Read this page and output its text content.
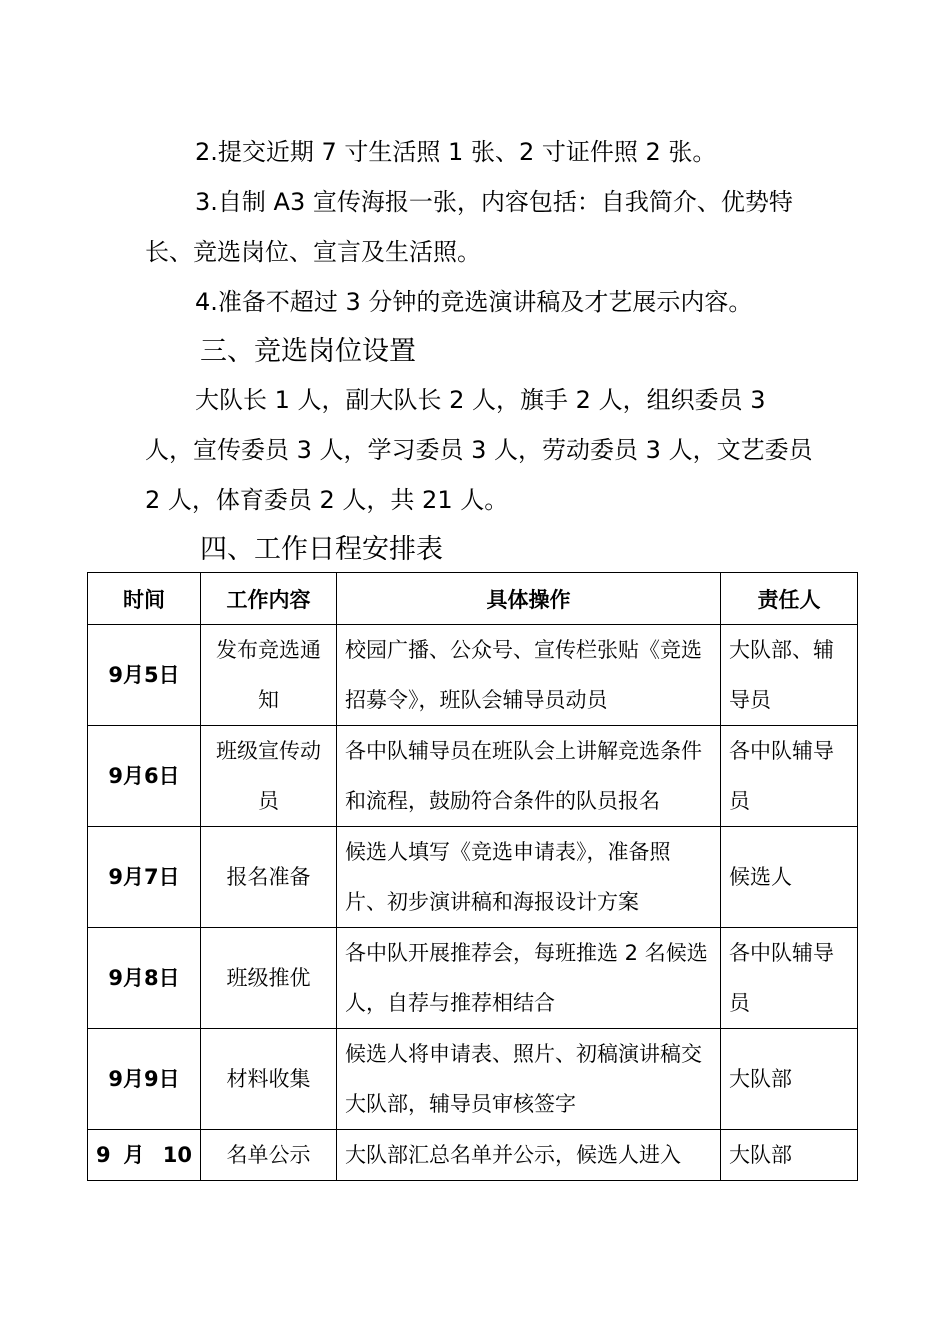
2.提交近期 7 寸生活照 1 张、2 寸证件照 2 张。

3.自制 A3 宣传海报一张，内容包括：自我简介、优势特长、竞选岗位、宣言及生活照。

4.准备不超过 3 分钟的竞选演讲稿及才艺展示内容。

三、竞选岗位设置

大队长 1 人，副大队长 2 人，旗手 2 人，组织委员 3 人，宣传委员 3 人，学习委员 3 人，劳动委员 3 人，文艺委员 2 人，体育委员 2 人，共 21 人。

四、工作日程安排表
时间	工作内容	具体操作	责任人
9月5日	发布竞选通知	校园广播、公众号、宣传栏张贴《竞选招募令》，班队会辅导员动员	大队部、辅导员
9月6日	班级宣传动员	各中队辅导员在班队会上讲解竞选条件和流程，鼓励符合条件的队员报名	各中队辅导员
9月7日	报名准备	候选人填写《竞选申请表》，准备照片、初步演讲稿和海报设计方案	候选人
9月8日	班级推优	各中队开展推荐会，每班推选 2 名候选人，自荐与推荐相结合	各中队辅导员
9月9日	材料收集	候选人将申请表、照片、初稿演讲稿交大队部，辅导员审核签字	大队部
9 月 10	名单公示	大队部汇总名单并公示，候选人进入	大队部
